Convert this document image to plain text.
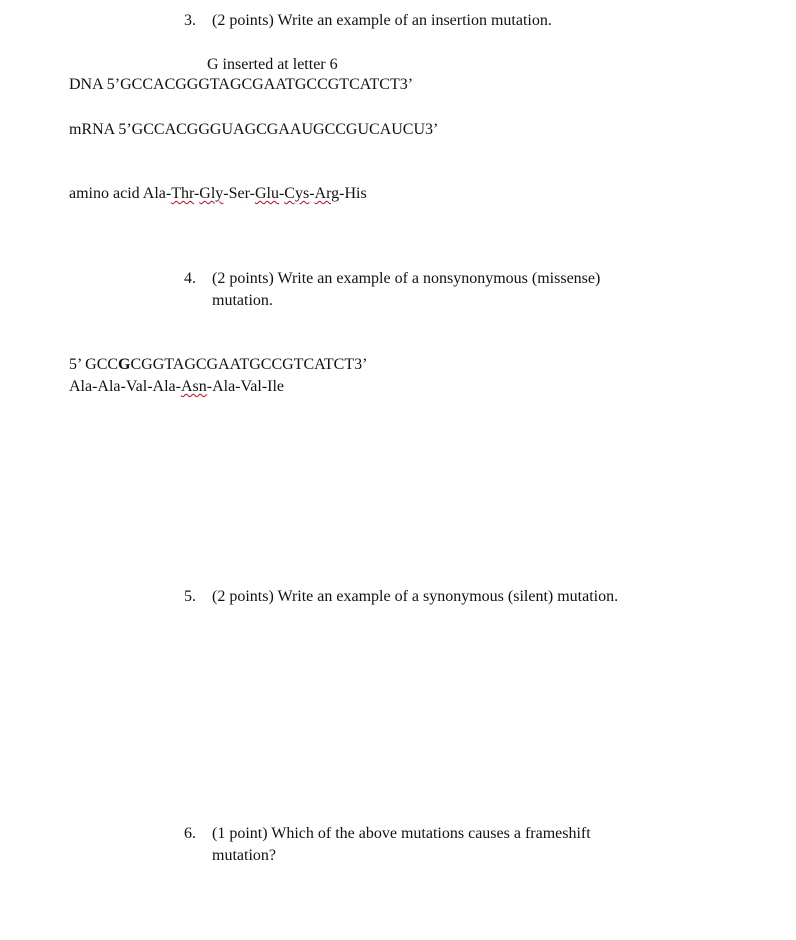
3. (2 points) Write an example of an insertion mutation.
G inserted at letter 6
DNA 5’GCCACGGGTAGCGAATGCCGTCATCT3’
mRNA 5’GCCACGGGUAGCGAAUGCCGUCAUCU3’
amino acid Ala-Thr-Gly-Ser-Glu-Cys-Arg-His
4. (2 points) Write an example of a nonsynonymous (missense)
mutation.
5’ GCCGCGGTAGCGAATGCCGTCATCT3’
Ala-Ala-Val-Ala-Asn-Ala-Val-Ile
5. (2 points) Write an example of a synonymous (silent) mutation.
6. (1 point) Which of the above mutations causes a frameshift
mutation?
